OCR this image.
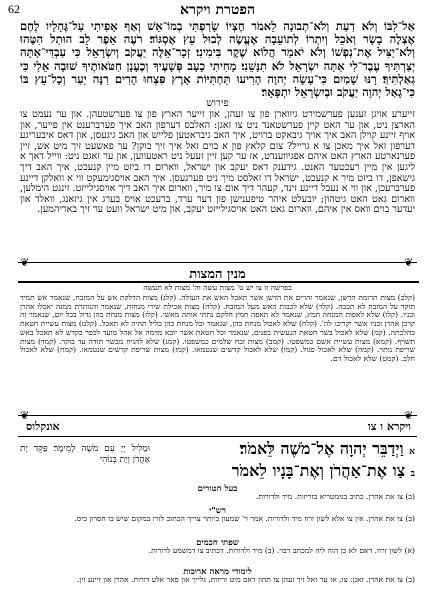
62	הפטרת ויקרא
אַל־לִבּוֹ וְלֹא דַעַת וְלֹא־תְבוּנָה לֵאמֹר חֶצְיוֹ שָׂרַפְתִּי בְמוֹ־אֵשׁ וְאַף אָפִיתִי עַל־גֶּחָלָיו לֶחֶם אֶצְלֶה בָשָׂר וְאֹכֵל וְיִתְרוֹ לְתוֹעֵבָה אֶעֱשֶׂה לְבוּל עֵץ אֶסְגּוֹד׃ רֹעֶה אֵפֶר לֵב הוּתַל הִטָּהוּ וְלֹא־יַצִּיל אֶת־נַפְשׁוֹ וְלֹא יֹאמַר הֲלוֹא שֶׁקֶר בִּימִינִי׃ זְכָר־אֵלֶּה יַעֲקֹב וְיִשְׂרָאֵל כִּי עַבְדִּי־אָתָּה יְצַרְתִּיךָ עֶבֶד־לִי אַתָּה יִשְׂרָאֵל לֹא תִנָּשֵׁנִי׃ מָחִיתִי כָעָב פְּשָׁעֶיךָ וְכֶעָנָן חַטֹּאותֶיךָ שׁוּבָה אֵלַי כִּי גְאַלְתִּיךָ׃ רָנּוּ שָׁמַיִם כִּי־עָשָׂה יְהוָה הָרִיעוּ תַּחְתִּיּוֹת אָרֶץ פִּצְחוּ הָרִים רִנָּה יַעַר וְכָל־עֵץ בּוֹ כִּי־גָאַל יְהוָה יַעֲקֹב וּבְיִשְׂרָאֵל יִתְפָּאָר׃
פירוש
זייערע אויגן זענען פערשמירט גיווארן פון צו זעהן, און זייער הארץ פון צו פערשטעהן. און ער נעמט צו הארצן ניט, און ער האט קיין פערשטאנד ניט צו זאגן: האלבס דערפון האב איך פערברענט אין פייער, און אויף זיינע קוילן האב איך אויך גיבאקט ברויט, איך האב גיבראטען פלייש און האב גיגעסן, און דאס איבעריגע דערפון זאל איך מאכן צו א גרייל? צום קלאץ פון א בוים זאל איך זיך בוקן? ער פאשעט זיך מיט אש, זיין פערנארטע הארץ האט איהם אפגיווענדט, אז ער קען זיין זעעל ניט ראטעווען, און ער זאגט ניט: ווייל דאך א ליגען אין מיין רעכטער האנט. גידענק דאס יעקב און ישראל, ווארום דו ביזט מיין קנעכט, איך האב דיך גישאפן, דו ביזט מיר א קנעכט, ישראל דו זאלסט מיך ניט פערגעסן. איך האב אויסגימעקט ווי א וואלקן דיינע פערברעכן, און ווי א נעבל דיינע זינד, קעהר דיך אום צו מיר, ווארום איך האב דיך אויסגילייזט. זינגט הימלען, ווארום גאט האט גיטהון; יובעלט איהר טיפענישן פון דער ערד, ברעכט אויס בערג אין גיזאנג, וואלד און יעדער בוים וואס אין איהם, ווארום גאט האט אויסגילייזט יעקב, און מיט ישראל וועט ער זיך באריהמען.
❦	❦
מנין המצות
בפרשה זו צו יש ט' מצות עשה וה' מצות לא תעשה
(קלב) מצות תרומת הדשן, שנאמר והרים את הדשן אשר תאכל האש את העולה. (קלג) מצות הדלקת אש על המזבח, שנאמר אש תמיד תוקד על המזבח לא תכבה. (קלד) שלא לכבות האש מעל המזבח. (קלה) מצות אכילת שירי מנחות, שנאמר והנותרת ממנה יאכלו אהרן ובניו. (קלו) שלא לאפות המנחה חמץ, שנאמר לא תאפה חמץ חלקם נתתי אותה מאשי. (קלז) מצות מנחת כהן גדול בכל יום, שנאמר זה קרבן אהרן ובניו אשר יקריבו לה'. (קלח) שלא לאכול מנחת כהן, שנאמר וכל מנחת כהן כליל תהיה לא תאכל. (קלט) מצות עשיית חטאת כהלכתה. (קמ) שלא לאכול בשר חטאת הנעשית בפנים, שנאמר וכל חטאת אשר יובא מדמה אל אהל מועד לכפר בקדש לא תאכל באש תשרף. (קמא) מצות עשיית אשם כמשפטו. (קמב) מצות זבח שלמים כמשפטו. (קמג) שלא להניח מבשר תודה עד בוקר. (קמד) מצות שריפת נותר. (קמה) שלא לאכול פגול. (קמו) שלא לאכול קדשים שנטמאו. (קמז) מצות שריפת קדשים שנטמאו. (קמח) שלא לאכול חלב. (קמט) שלא לאכול דם.
❦	❦
אונקלוס	ויקרא ו צו
א וַיְדַבֵּר יְהוָה אֶל־מֹשֶׁה לֵּאמֹר׃
ב צַו אֶת־אַהֲרֹן וְאֶת־בָּנָיו לֵאמֹר
וּמַלִּיל יְיָ עִם מֹשֶׁה לְמֵימָר׃ פַּקֵּד יָת אַהֲרֹן וְיָת בְּנוֹהִי
בעל הטורים
(ב) צו את אהרן. כתיב בגימטריא בזריזות. מיד ולדורות.
רש"י
(ב) צו את אהרן. אין צו אלא לשון זרוז מיד ולדורות. אמר ר' שמעון ביותר צריך הכתוב לזרז במקום שיש בו חסרון כיס.
שפתי חכמים
(א) לשון זרוז. דאם לא כן הוה ליה למכתב דבר. (ב) מיד ולדורות. דכתיב צו דמשמע לדורות.
לימודי מראה ארוכות
(ב) צו את אהרן. זאגן: צו, אז ער זאל זיך זעהן צו תהון דאס מיט זריזות, גלייך און פאר אלע דורות. אהרן און זיינע זין.
